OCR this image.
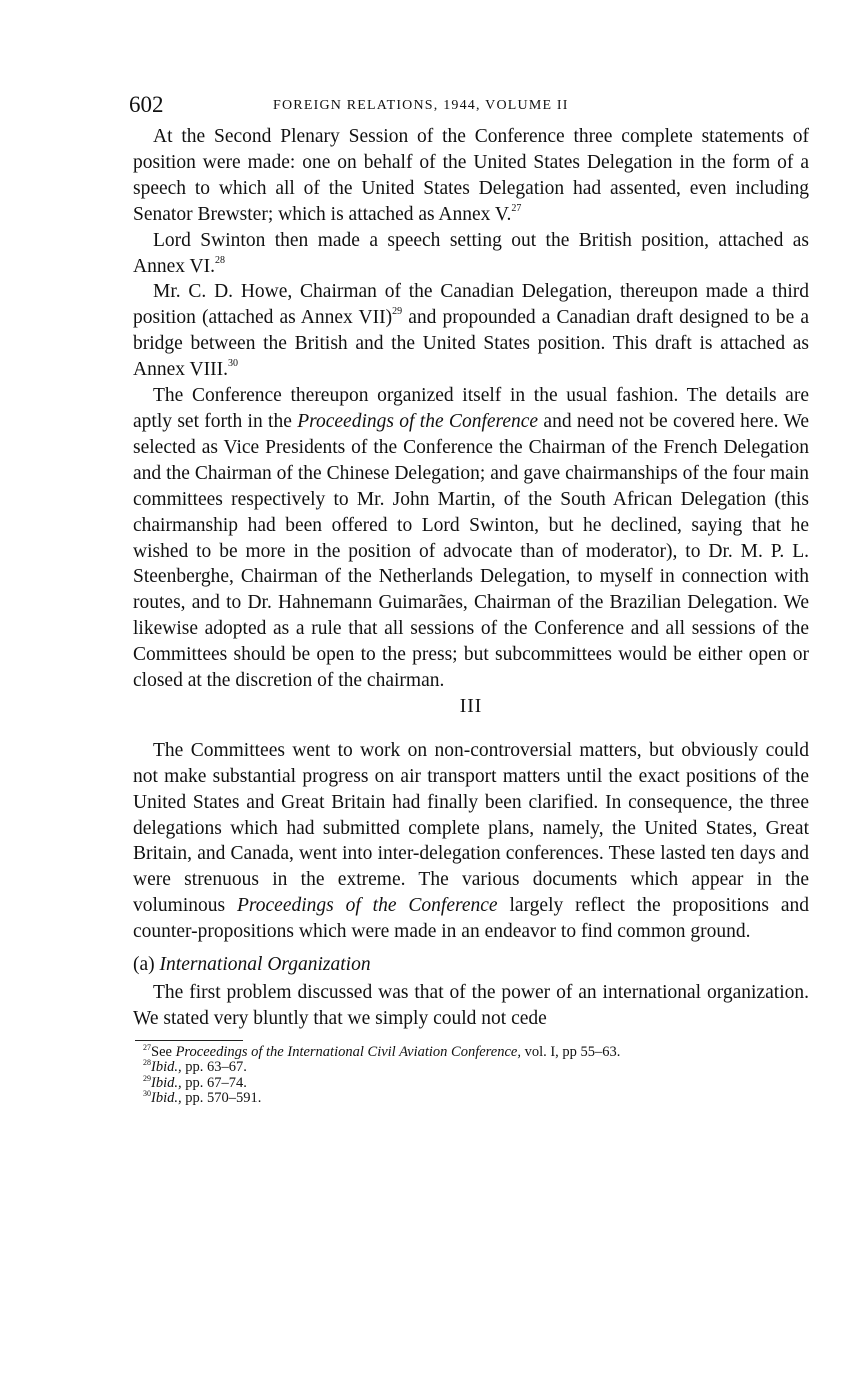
602	FOREIGN RELATIONS, 1944, VOLUME II

At the Second Plenary Session of the Conference three complete statements of position were made: one on behalf of the United States Delegation in the form of a speech to which all of the United States Delegation had assented, even including Senator Brewster; which is attached as Annex V.$^{27}$

Lord Swinton then made a speech setting out the British position, attached as Annex VI.$^{28}$

Mr. C. D. Howe, Chairman of the Canadian Delegation, thereupon made a third position (attached as Annex VII)$^{29}$ and propounded a Canadian draft designed to be a bridge between the British and the United States position. This draft is attached as Annex VIII.$^{30}$

The Conference thereupon organized itself in the usual fashion. The details are aptly set forth in the Proceedings of the Conference and need not be covered here. We selected as Vice Presidents of the Conference the Chairman of the French Delegation and the Chairman of the Chinese Delegation; and gave chairmanships of the four main committees respectively to Mr. John Martin, of the South African Delegation (this chairmanship had been offered to Lord Swinton, but he declined, saying that he wished to be more in the position of advocate than of moderator), to Dr. M. P. L. Steenberghe, Chairman of the Netherlands Delegation, to myself in connection with routes, and to Dr. Hahnemann Guimarães, Chairman of the Brazilian Delegation. We likewise adopted as a rule that all sessions of the Conference and all sessions of the Committees should be open to the press; but subcommittees would be either open or closed at the discretion of the chairman.

III

The Committees went to work on non-controversial matters, but obviously could not make substantial progress on air transport matters until the exact positions of the United States and Great Britain had finally been clarified. In consequence, the three delegations which had submitted complete plans, namely, the United States, Great Britain, and Canada, went into inter-delegation conferences. These lasted ten days and were strenuous in the extreme. The various documents which appear in the voluminous Proceedings of the Conference largely reflect the propositions and counter-propositions which were made in an endeavor to find common ground.

(a) International Organization

The first problem discussed was that of the power of an international organization. We stated very bluntly that we simply could not cede

$^{27}$See Proceedings of the International Civil Aviation Conference, vol. I, pp 55–63.

$^{28}$Ibid., pp. 63–67.

$^{29}$Ibid., pp. 67–74.

$^{30}$Ibid., pp. 570–591.
